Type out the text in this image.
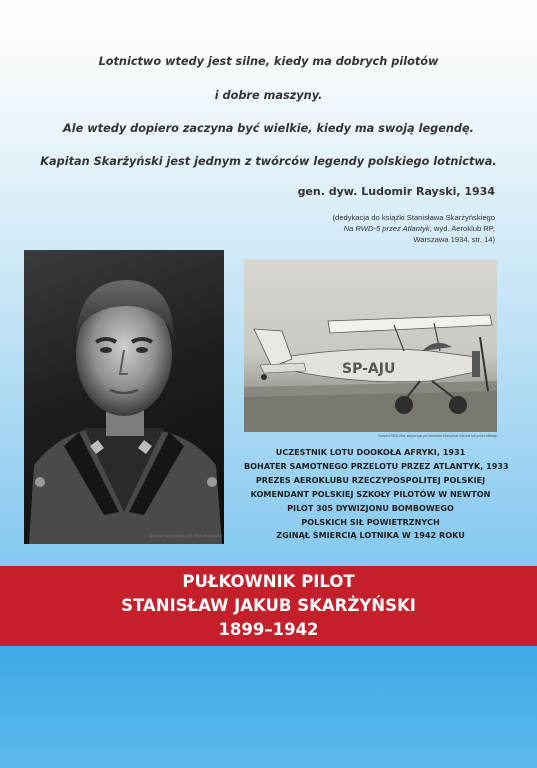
Lotnictwo wtedy jest silne, kiedy ma dobrych pilotów
i dobre maszyny.
Ale wtedy dopiero zaczyna być wielkie, kiedy ma swoją legendę.
Kapitan Skarżyński jest jednym z twórców legendy polskiego lotnictwa.
gen. dyw. Ludomir Rayski, 1934
(dedykacja do książki Stanisława Skarżyńskiego
Na RWD-5 przez Atlantyk, wyd. Aeroklub RP,
Warszawa 1934, str. 14)
Stanisław Skarżyński kpt. pilot, 1933, zbiorykolekcji
SP-AJU
Samolot RWD-5bis, którym kpt. pil. Stanisław Skarżyński dokonał lotu przez Atlantyk
UCZESTNIK LOTU DOOKOŁA AFRYKI, 1931
BOHATER SAMOTNEGO PRZELOTU PRZEZ ATLANTYK, 1933
PREZES AEROKLUBU RZECZYPOSPOLITEJ POLSKIEJ
KOMENDANT POLSKIEJ SZKOŁY PILOTÓW W NEWTON
PILOT 305 DYWIZJONU BOMBOWEGO
POLSKICH SIŁ POWIETRZNYCH
ZGINĄŁ ŚMIERCIĄ LOTNIKA W 1942 ROKU
PUŁKOWNIK PILOT
STANISŁAW JAKUB SKARŻYŃSKI
1899–1942
